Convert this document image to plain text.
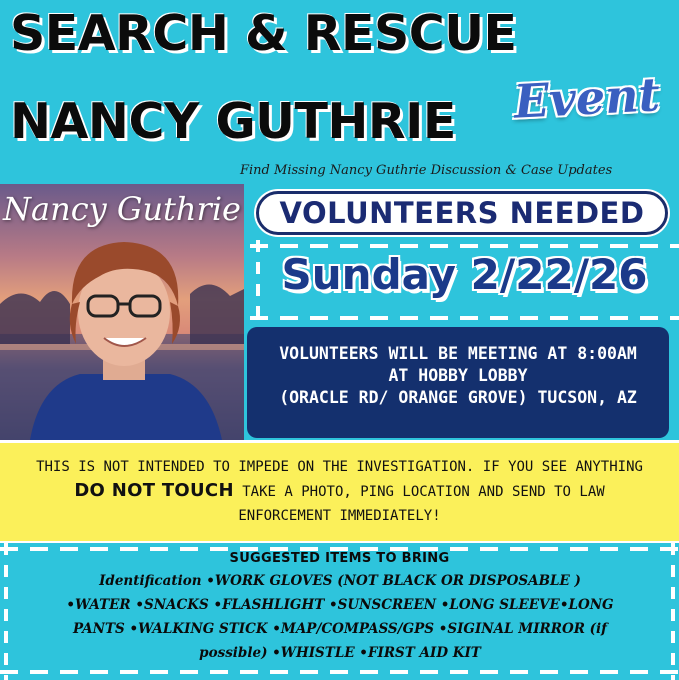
SEARCH & RESCUE
NANCY GUTHRIE	Event
Find Missing Nancy Guthrie Discussion & Case Updates
Nancy Guthrie VOLUNTEERS NEEDED
Sunday 2/22/26
VOLUNTEERS WILL BE MEETING AT 8:00AM
AT HOBBY LOBBY
(ORACLE RD/ ORANGE GROVE) TUCSON, AZ
THIS IS NOT INTENDED TO IMPEDE ON THE INVESTIGATION. IF YOU SEE ANYTHING
DO NOT TOUCH TAKE A PHOTO, PING LOCATION AND SEND TO LAW
ENFORCEMENT IMMEDIATELY!
SUGGESTED ITEMS TO BRING
Identification •WORK GLOVES (NOT BLACK OR DISPOSABLE )
•WATER •SNACKS •FLASHLIGHT •SUNSCREEN •LONG SLEEVE•LONG
PANTS •WALKING STICK •MAP/COMPASS/GPS •SIGINAL MIRROR (if
possible) •WHISTLE •FIRST AID KIT
